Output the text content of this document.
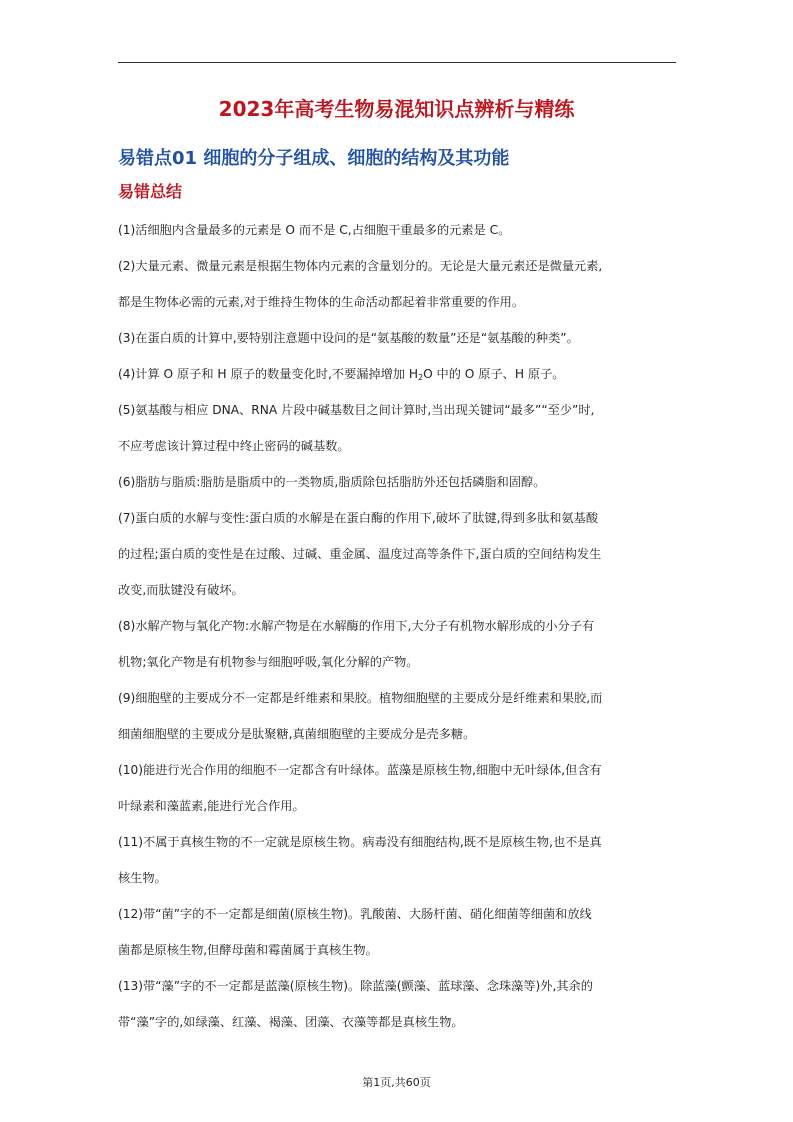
2023年高考生物易混知识点辨析与精练
易错点01 细胞的分子组成、细胞的结构及其功能
易错总结

(1)活细胞内含量最多的元素是 O 而不是 C,占细胞干重最多的元素是 C。

(2)大量元素、微量元素是根据生物体内元素的含量划分的。无论是大量元素还是微量元素,
都是生物体必需的元素,对于维持生物体的生命活动都起着非常重要的作用。

(3)在蛋白质的计算中,要特别注意题中设问的是“氨基酸的数量”还是“氨基酸的种类”。

(4)计算 O 原子和 H 原子的数量变化时,不要漏掉增加 $H_2O$ 中的 O 原子、H 原子。

(5)氨基酸与相应 DNA、RNA 片段中碱基数目之间计算时,当出现关键词“最多”“至少”时,
不应考虑该计算过程中终止密码的碱基数。

(6)脂肪与脂质:脂肪是脂质中的一类物质,脂质除包括脂肪外还包括磷脂和固醇。

(7)蛋白质的水解与变性:蛋白质的水解是在蛋白酶的作用下,破坏了肽键,得到多肽和氨基酸
的过程;蛋白质的变性是在过酸、过碱、重金属、温度过高等条件下,蛋白质的空间结构发生
改变,而肽键没有破坏。

(8)水解产物与氧化产物:水解产物是在水解酶的作用下,大分子有机物水解形成的小分子有
机物;氧化产物是有机物参与细胞呼吸,氧化分解的产物。

(9)细胞壁的主要成分不一定都是纤维素和果胶。植物细胞壁的主要成分是纤维素和果胶,而
细菌细胞壁的主要成分是肽聚糖,真菌细胞壁的主要成分是壳多糖。

(10)能进行光合作用的细胞不一定都含有叶绿体。蓝藻是原核生物,细胞中无叶绿体,但含有
叶绿素和藻蓝素,能进行光合作用。

(11)不属于真核生物的不一定就是原核生物。病毒没有细胞结构,既不是原核生物,也不是真
核生物。

(12)带“菌”字的不一定都是细菌(原核生物)。乳酸菌、大肠杆菌、硝化细菌等细菌和放线
菌都是原核生物,但酵母菌和霉菌属于真核生物。

(13)带“藻”字的不一定都是蓝藻(原核生物)。除蓝藻(颤藻、蓝球藻、念珠藻等)外,其余的
带“藻”字的,如绿藻、红藻、褐藻、团藻、衣藻等都是真核生物。

第1页,共60页
